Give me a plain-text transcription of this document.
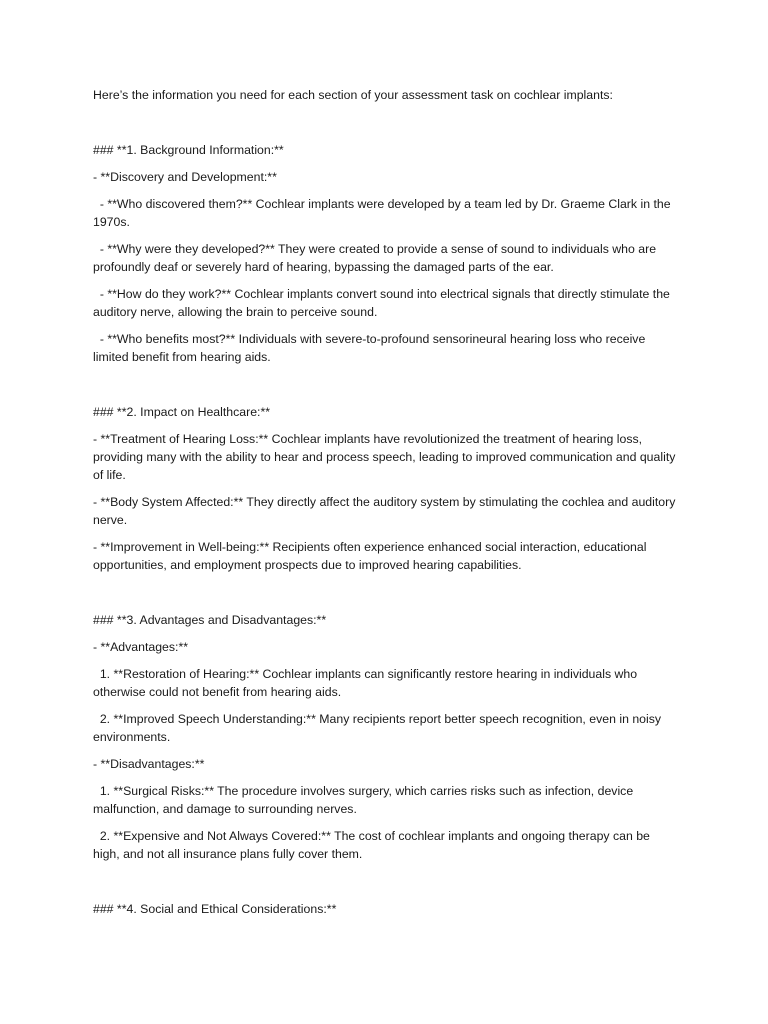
Here’s the information you need for each section of your assessment task on cochlear implants:

### **1. Background Information:**

- **Discovery and Development:**

- **Who discovered them?** Cochlear implants were developed by a team led by Dr. Graeme Clark in the 1970s.

- **Why were they developed?** They were created to provide a sense of sound to individuals who are profoundly deaf or severely hard of hearing, bypassing the damaged parts of the ear.

- **How do they work?** Cochlear implants convert sound into electrical signals that directly stimulate the auditory nerve, allowing the brain to perceive sound.

- **Who benefits most?** Individuals with severe-to-profound sensorineural hearing loss who receive limited benefit from hearing aids.

### **2. Impact on Healthcare:**

- **Treatment of Hearing Loss:** Cochlear implants have revolutionized the treatment of hearing loss, providing many with the ability to hear and process speech, leading to improved communication and quality of life.

- **Body System Affected:** They directly affect the auditory system by stimulating the cochlea and auditory nerve.

- **Improvement in Well-being:** Recipients often experience enhanced social interaction, educational opportunities, and employment prospects due to improved hearing capabilities.

### **3. Advantages and Disadvantages:**

- **Advantages:**

1. **Restoration of Hearing:** Cochlear implants can significantly restore hearing in individuals who otherwise could not benefit from hearing aids.

2. **Improved Speech Understanding:** Many recipients report better speech recognition, even in noisy environments.

- **Disadvantages:**

1. **Surgical Risks:** The procedure involves surgery, which carries risks such as infection, device malfunction, and damage to surrounding nerves.

2. **Expensive and Not Always Covered:** The cost of cochlear implants and ongoing therapy can be high, and not all insurance plans fully cover them.

### **4. Social and Ethical Considerations:**
